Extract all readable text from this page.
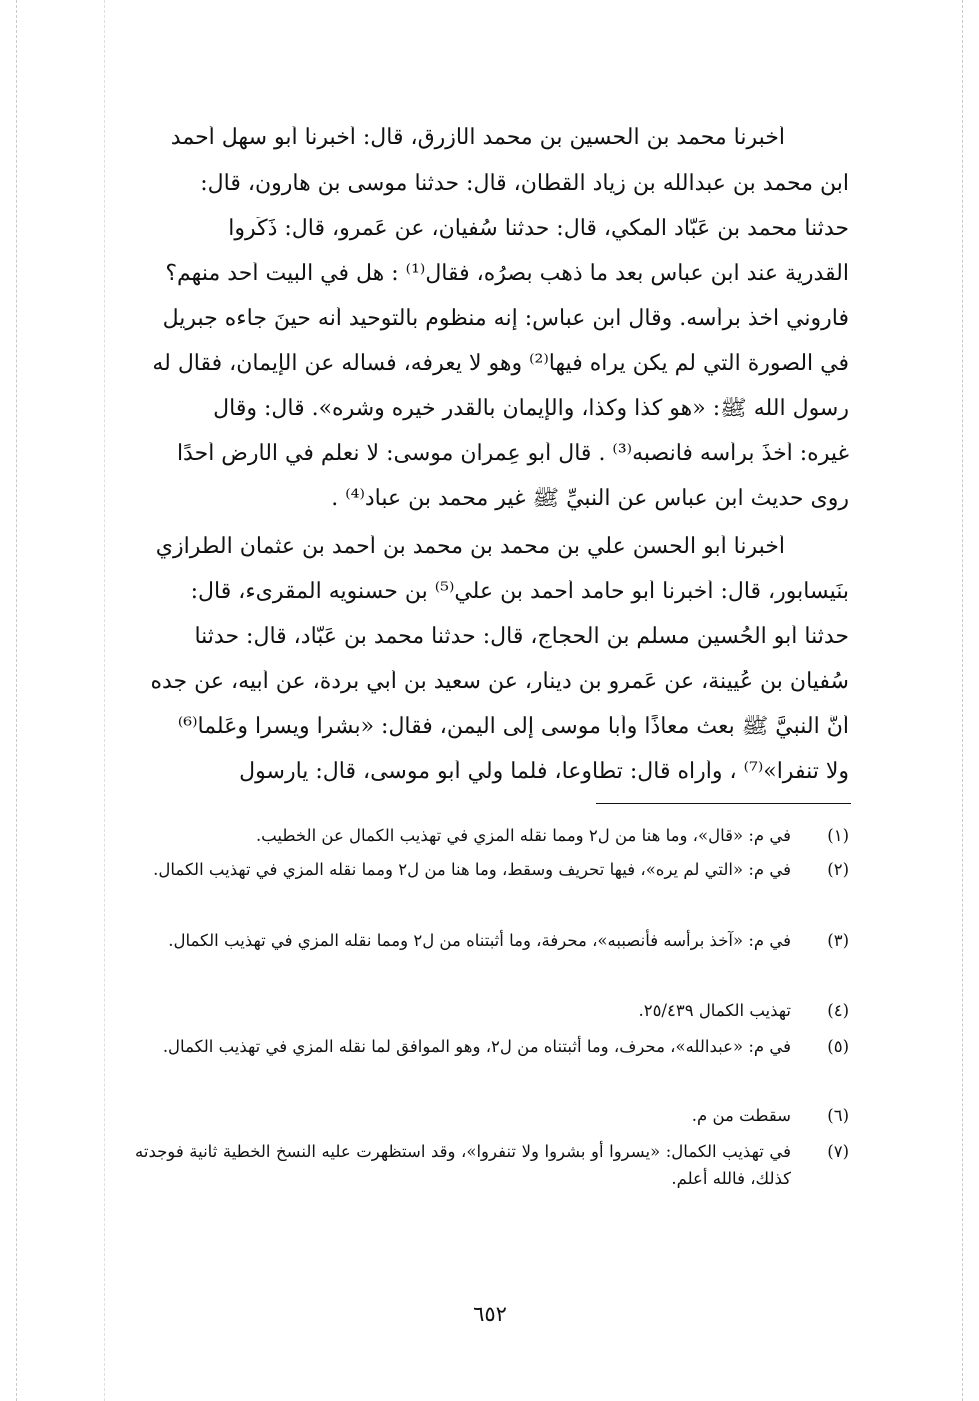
أخبرنا محمد بن الحسين بن محمد الأزرق، قال: أخبرنا أبو سهل أحمد
ابن محمد بن عبدالله بن زياد القطان، قال: حدثنا موسى بن هارون، قال:
حدثنا محمد بن عَبّاد المكي، قال: حدثنا سُفيان، عن عَمرو، قال: ذَكَروا
القدرية عند ابن عباس بعد ما ذهب بصرُه، فقال⁽¹⁾ : هل في البيت أحد منهم؟
فأروني آخذ برأسه. وقال ابن عباس: إنه منظوم بالتوحيد أنه حينَ جاءه جبريل
في الصورة التي لم يكن يراه فيها⁽²⁾ وهو لا يعرفه، فسأله عن الإيمان، فقال له
رسول الله ﷺ: «هو كذا وكذا، والإيمان بالقدر خيره وشره». قال: وقال
غيره: أخذَ برأسه فأنصبه⁽³⁾ . قال أبو عِمران موسى: لا نعلم في الأرض أحدًا
روى حديث ابن عباس عن النبيِّ ﷺ غير محمد بن عباد⁽⁴⁾ .
أخبرنا أبو الحسن علي بن محمد بن محمد بن أحمد بن عثمان الطَّرازي
بنَيسابور، قال: أخبرنا أبو حامد أحمد بن علي⁽⁵⁾ بن حسنويه المقرىء، قال:
حدثنا أبو الحُسين مسلم بن الحجاج، قال: حدثنا محمد بن عَبّاد، قال: حدثنا
سُفيان بن عُيينة، عن عَمرو بن دينار، عن سعيد بن أبي بردة، عن أبيه، عن جده
أنَّ النبيَّ ﷺ بعث معاذًا وأبا موسى إلى اليمن، فقال: «بشرا ويسرا وعَلِّما⁽⁶⁾
ولا تنفرا»⁽⁷⁾ ، وأُراه قال: تطاوعا، فلما ولي أبو موسى، قال: يارسول
(١)
في م: «قال»، وما هنا من ل٢ ومما نقله المزي في تهذيب الكمال عن الخطيب.
(٢)
في م: «التي لم يره»، فيها تحريف وسقط، وما هنا من ل٢ ومما نقله المزي في تهذيب الكمال.
(٣)
في م: «آخذ برأسه فأنصببه»، محرفة، وما أثبتناه من ل٢ ومما نقله المزي في تهذيب الكمال.
(٤)
تهذيب الكمال ٢٥/٤٣٩.
(٥)
في م: «عبدالله»، محرف، وما أثبتناه من ل٢، وهو الموافق لما نقله المزي في تهذيب الكمال.
(٦)
سقطت من م.
(٧)
في تهذيب الكمال: «يسروا أو بشروا ولا تنفروا»، وقد استظهرت عليه النسخ الخطية ثانية فوجدته كذلك، فالله أعلم.
٦٥٢
